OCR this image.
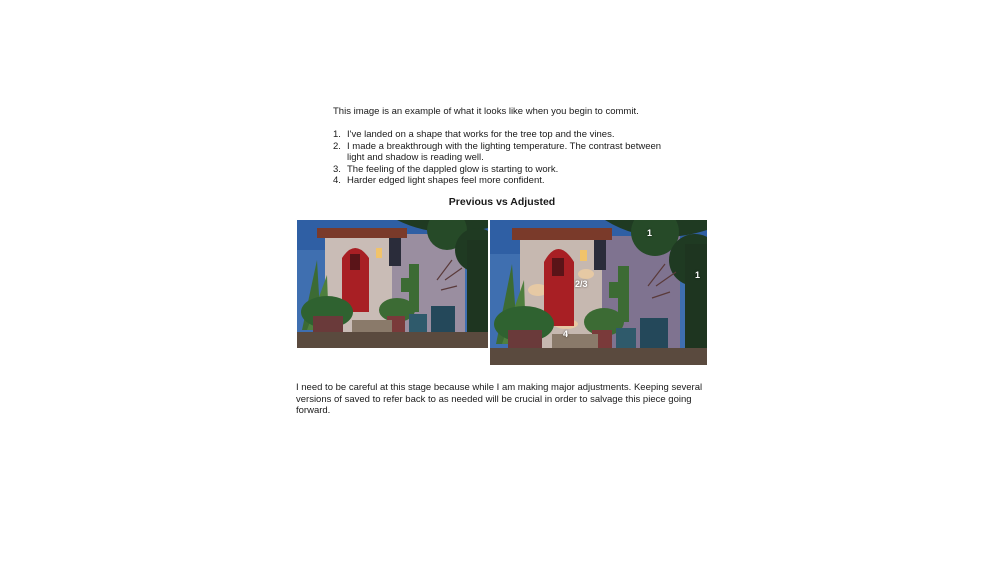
This image is an example of what it looks like when you begin to commit.

1. I've landed on a shape that works for the tree top and the vines.
2. I made a breakthrough with the lighting temperature. The contrast between light and shadow is reading well.
3. The feeling of the dappled glow is starting to work.
4. Harder edged light shapes feel more confident.
Previous vs Adjusted
1
1
2/3
4

I need to be careful at this stage because while I am making major adjustments. Keeping several versions of saved to refer back to as needed will be crucial in order to salvage this piece going forward.
